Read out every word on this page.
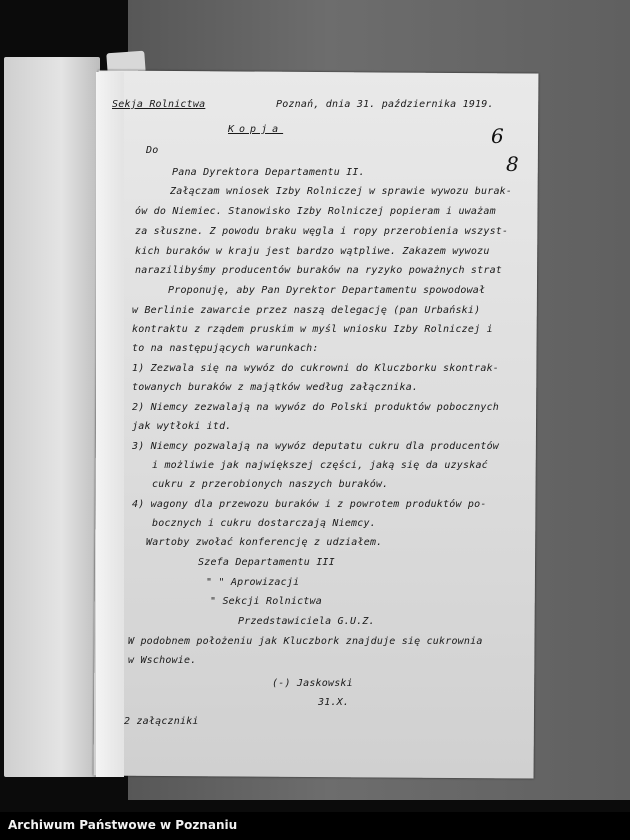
Sekja Rolnictwa	Poznań, dnia 31. października 1919.
6
8
Kopja
Do
Pana Dyrektora Departamentu II.
Załączam wniosek Izby Rolniczej w sprawie wywozu burak-
ów do Niemiec. Stanowisko Izby Rolniczej popieram i uważam
za słuszne. Z powodu braku węgla i ropy przerobienia wszyst-
kich buraków w kraju jest bardzo wątpliwe. Zakazem wywozu
narazilibyśmy producentów buraków na ryzyko poważnych strat
Proponuję, aby Pan Dyrektor Departamentu spowodował
w Berlinie zawarcie przez naszą delegację (pan Urbański)
kontraktu z rządem pruskim w myśl wniosku Izby Rolniczej i
to na następujących warunkach:
1) Zezwala się na wywóz do cukrowni do Kluczborku skontrak-
towanych buraków z majątków według załącznika.
2) Niemcy zezwalają na wywóz do Polski produktów pobocznych
jak wytłoki itd.
3) Niemcy pozwalają na wywóz deputatu cukru dla producentów
i możliwie jak największej części, jaką się da uzyskać
cukru z przerobionych naszych buraków.
4) wagony dla przewozu buraków i z powrotem produktów po-
bocznych i cukru dostarczają Niemcy.
Wartoby zwołać konferencję z udziałem.
Szefa Departamentu III
" " Aprowizacji
" Sekcji Rolnictwa
Przedstawiciela G.U.Z.
W podobnem położeniu jak Kluczbork znajduje się cukrownia
w Wschowie.
(-) Jaskowski
31.X.
2 załączniki
Archiwum Państwowe w Poznaniu
